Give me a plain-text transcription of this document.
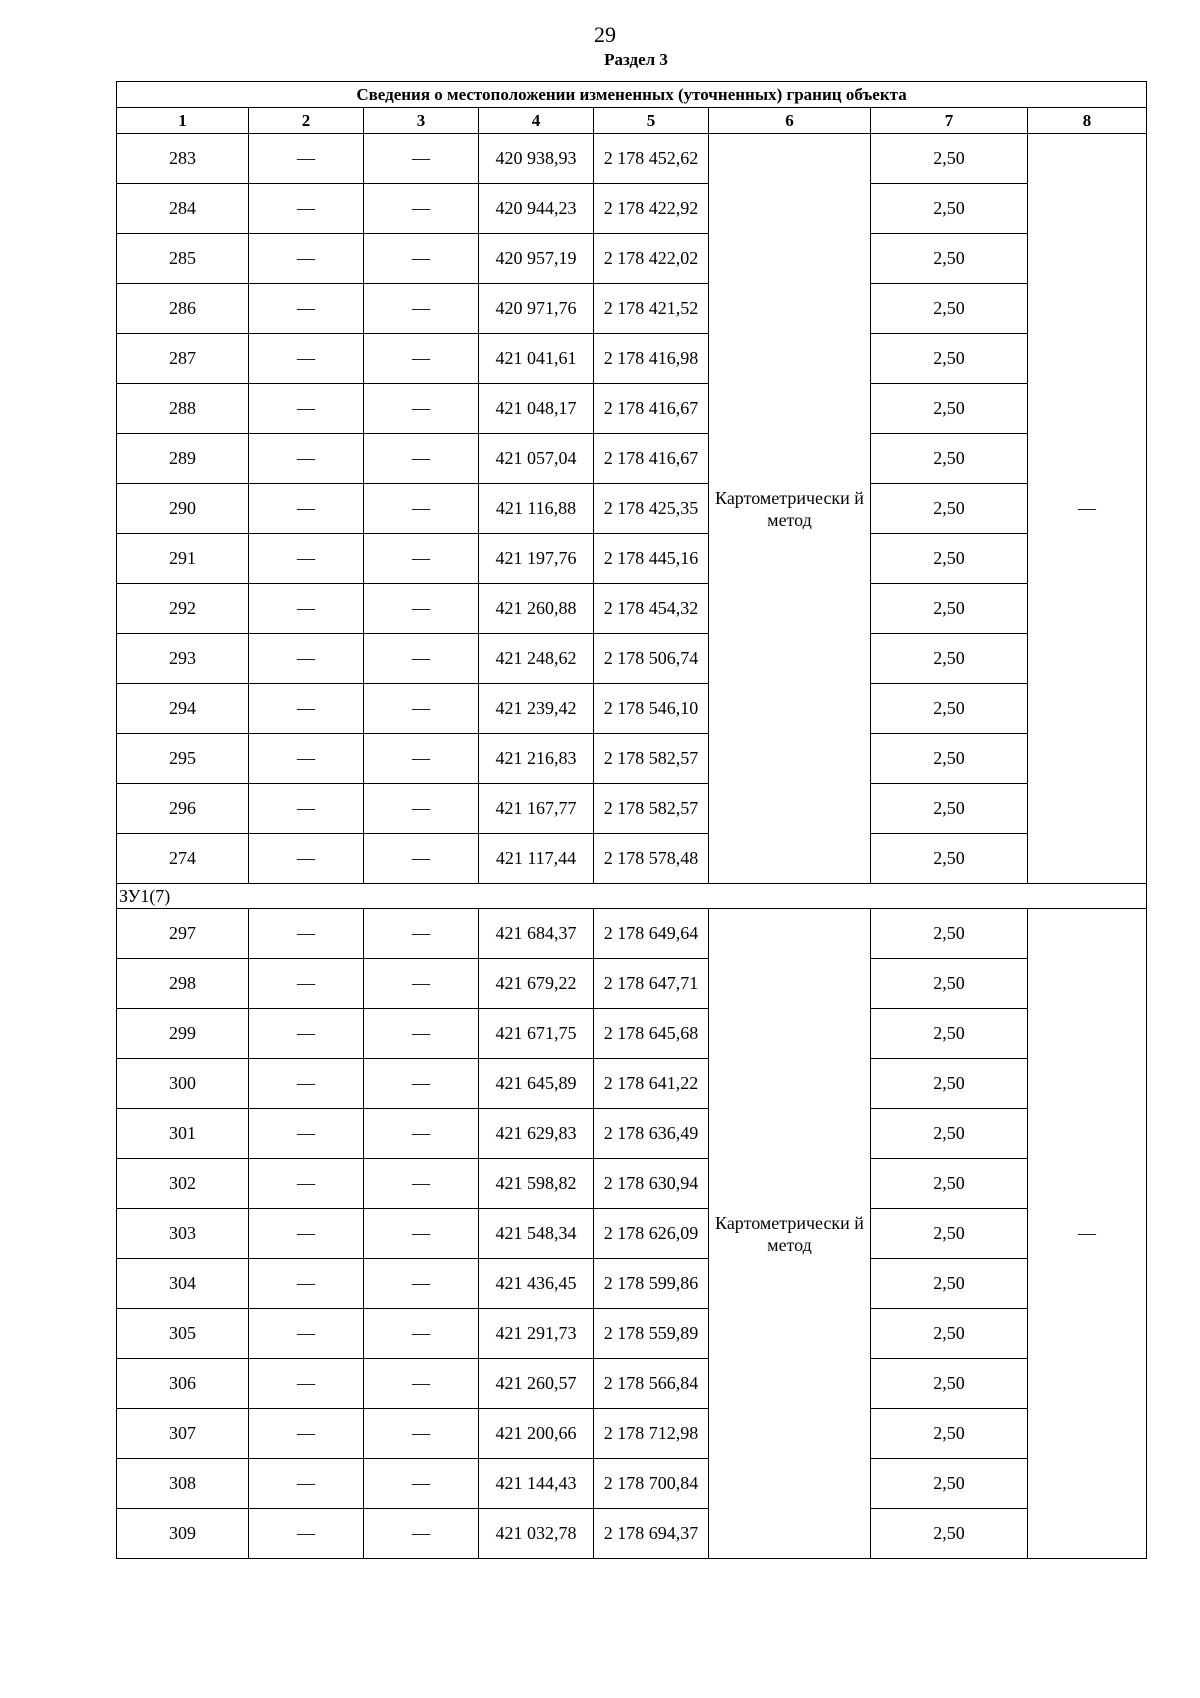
29
Раздел 3
Сведения о местоположении измененных (уточненных) границ объекта							
1	2	3	4	5	6	7	8
283	—	—	420 938,93	2 178 452,62	Картометрически й метод	2,50	—
284	—	—	420 944,23	2 178 422,92		2,50	
285	—	—	420 957,19	2 178 422,02		2,50	
286	—	—	420 971,76	2 178 421,52		2,50	
287	—	—	421 041,61	2 178 416,98		2,50	
288	—	—	421 048,17	2 178 416,67		2,50	
289	—	—	421 057,04	2 178 416,67		2,50	
290	—	—	421 116,88	2 178 425,35		2,50	
291	—	—	421 197,76	2 178 445,16		2,50	
292	—	—	421 260,88	2 178 454,32		2,50	
293	—	—	421 248,62	2 178 506,74		2,50	
294	—	—	421 239,42	2 178 546,10		2,50	
295	—	—	421 216,83	2 178 582,57		2,50	
296	—	—	421 167,77	2 178 582,57		2,50	
274	—	—	421 117,44	2 178 578,48		2,50	
ЗУ1(7)							
297	—	—	421 684,37	2 178 649,64	Картометрически й метод	2,50	—
298	—	—	421 679,22	2 178 647,71		2,50	
299	—	—	421 671,75	2 178 645,68		2,50	
300	—	—	421 645,89	2 178 641,22		2,50	
301	—	—	421 629,83	2 178 636,49		2,50	
302	—	—	421 598,82	2 178 630,94		2,50	
303	—	—	421 548,34	2 178 626,09		2,50	
304	—	—	421 436,45	2 178 599,86		2,50	
305	—	—	421 291,73	2 178 559,89		2,50	
306	—	—	421 260,57	2 178 566,84		2,50	
307	—	—	421 200,66	2 178 712,98		2,50	
308	—	—	421 144,43	2 178 700,84		2,50	
309	—	—	421 032,78	2 178 694,37		2,50	
